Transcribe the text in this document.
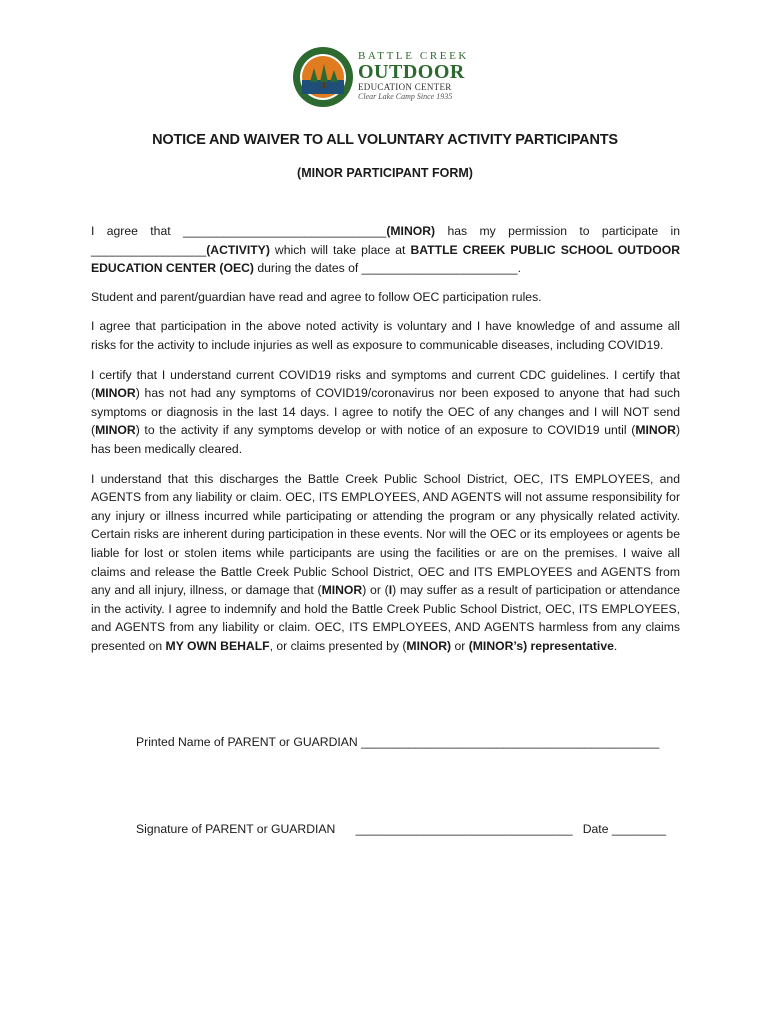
BATTLE CREEK
OUTDOOR
EDUCATION CENTER
Clear Lake Camp Since 1935
NOTICE AND WAIVER TO ALL VOLUNTARY ACTIVITY PARTICIPANTS
(MINOR PARTICIPANT FORM)

I agree that ______________________________(MINOR) has my permission to participate in _________________(ACTIVITY) which will take place at BATTLE CREEK PUBLIC SCHOOL OUTDOOR EDUCATION CENTER (OEC) during the dates of _______________________.

Student and parent/guardian have read and agree to follow OEC participation rules.

I agree that participation in the above noted activity is voluntary and I have knowledge of and assume all risks for the activity to include injuries as well as exposure to communicable diseases, including COVID19.

I certify that I understand current COVID19 risks and symptoms and current CDC guidelines. I certify that (MINOR) has not had any symptoms of COVID19/coronavirus nor been exposed to anyone that had such symptoms or diagnosis in the last 14 days. I agree to notify the OEC of any changes and I will NOT send (MINOR) to the activity if any symptoms develop or with notice of an exposure to COVID19 until (MINOR) has been medically cleared.

I understand that this discharges the Battle Creek Public School District, OEC, ITS EMPLOYEES, and AGENTS from any liability or claim. OEC, ITS EMPLOYEES, AND AGENTS will not assume responsibility for any injury or illness incurred while participating or attending the program or any physically related activity. Certain risks are inherent during participation in these events. Nor will the OEC or its employees or agents be liable for lost or stolen items while participants are using the facilities or are on the premises. I waive all claims and release the Battle Creek Public School District, OEC and ITS EMPLOYEES and AGENTS from any and all injury, illness, or damage that (MINOR) or (I) may suffer as a result of participation or attendance in the activity. I agree to indemnify and hold the Battle Creek Public School District, OEC, ITS EMPLOYEES, and AGENTS from any liability or claim. OEC, ITS EMPLOYEES, AND AGENTS harmless from any claims presented on MY OWN BEHALF, or claims presented by (MINOR) or (MINOR’s) representative.

Printed Name of PARENT or GUARDIAN ____________________________________________
Signature of PARENT or GUARDIAN      ________________________________   Date ________
